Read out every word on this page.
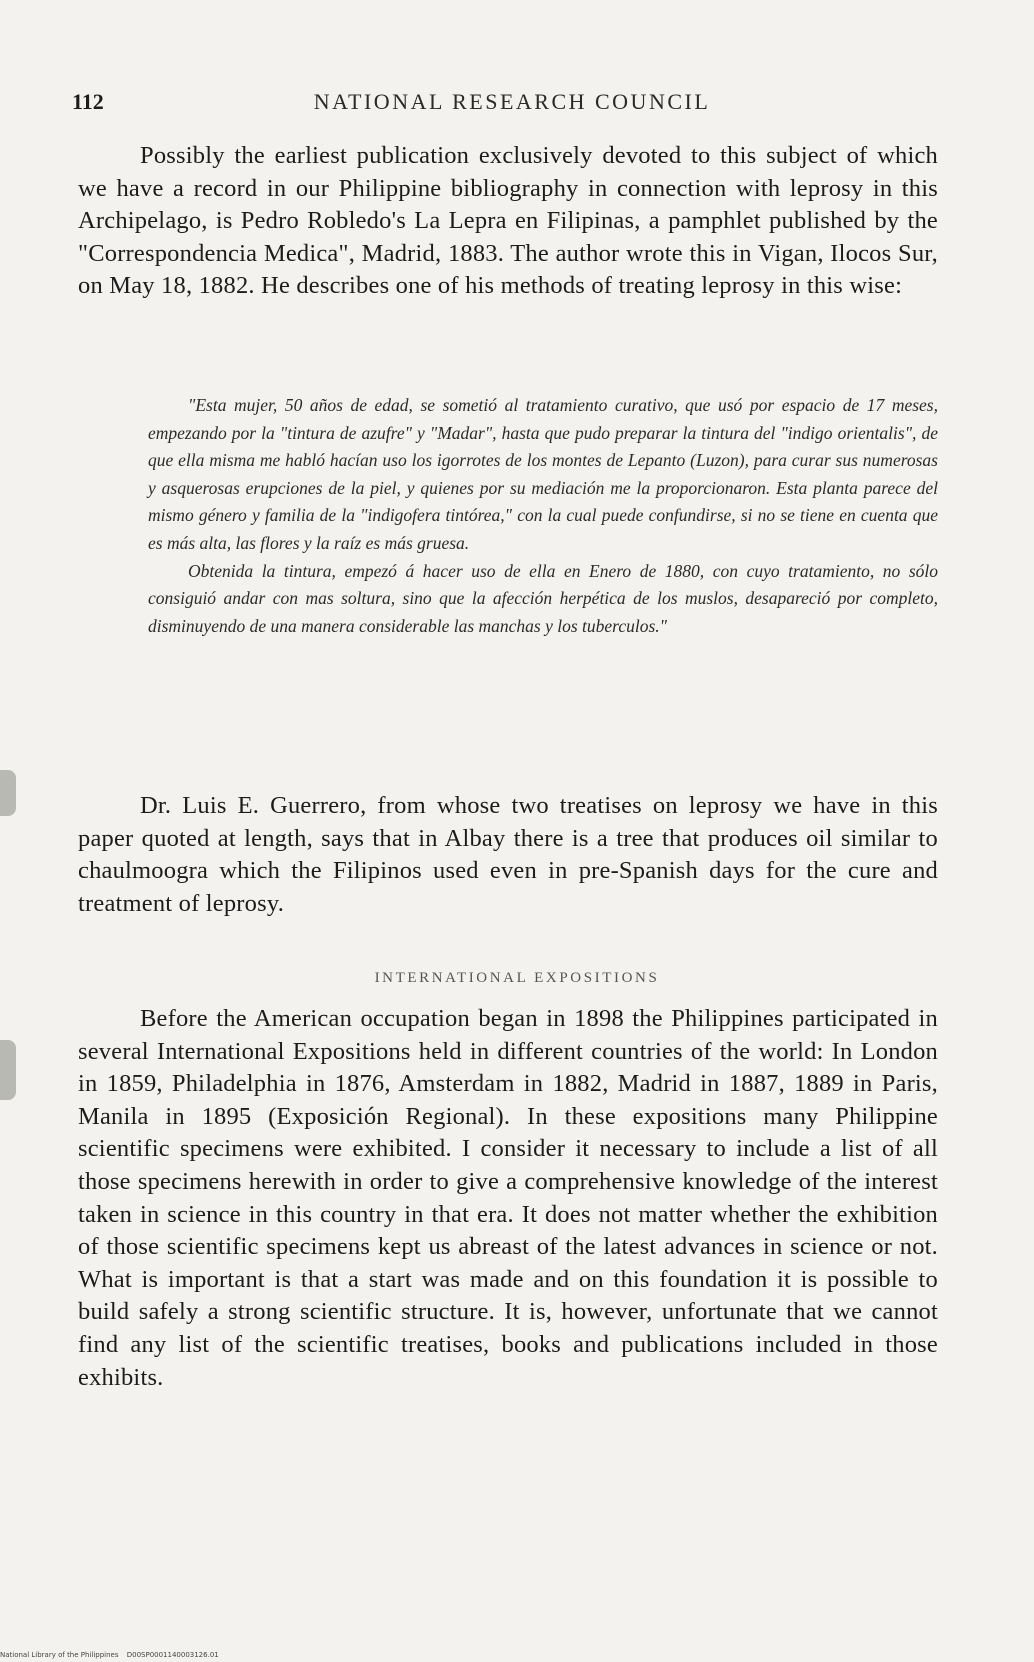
112	NATIONAL RESEARCH COUNCIL

Possibly the earliest publication exclusively devoted to this subject of which we have a record in our Philippine bibliography in connection with leprosy in this Archipelago, is Pedro Robledo's La Lepra en Filipinas, a pamphlet published by the "Correspondencia Medica", Madrid, 1883. The author wrote this in Vigan, Ilocos Sur, on May 18, 1882. He describes one of his methods of treating leprosy in this wise:

"Esta mujer, 50 años de edad, se sometió al tratamiento curativo, que usó por espacio de 17 meses, empezando por la "tintura de azufre" y "Madar", hasta que pudo preparar la tintura del "indigo orientalis", de que ella misma me habló hacían uso los igorrotes de los montes de Lepanto (Luzon), para curar sus numerosas y asquerosas erupciones de la piel, y quienes por su mediación me la proporcionaron. Esta planta parece del mismo género y familia de la "indigofera tintórea," con la cual puede confundirse, si no se tiene en cuenta que es más alta, las flores y la raíz es más gruesa.

Obtenida la tintura, empezó á hacer uso de ella en Enero de 1880, con cuyo tratamiento, no sólo consiguió andar con mas soltura, sino que la afección herpética de los muslos, desapareció por completo, disminuyendo de una manera considerable las manchas y los tuberculos."

Dr. Luis E. Guerrero, from whose two treatises on leprosy we have in this paper quoted at length, says that in Albay there is a tree that produces oil similar to chaulmoogra which the Filipinos used even in pre-Spanish days for the cure and treatment of leprosy.

INTERNATIONAL EXPOSITIONS

Before the American occupation began in 1898 the Philippines participated in several International Expositions held in different countries of the world: In London in 1859, Philadelphia in 1876, Amsterdam in 1882, Madrid in 1887, 1889 in Paris, Manila in 1895 (Exposición Regional). In these expositions many Philippine scientific specimens were exhibited. I consider it necessary to include a list of all those specimens herewith in order to give a comprehensive knowledge of the interest taken in science in this country in that era. It does not matter whether the exhibition of those scientific specimens kept us abreast of the latest advances in science or not. What is important is that a start was made and on this foundation it is possible to build safely a strong scientific structure. It is, however, unfortunate that we cannot find any list of the scientific treatises, books and publications included in those exhibits.

National Library of the Philippines D00SP0001140003126.01
